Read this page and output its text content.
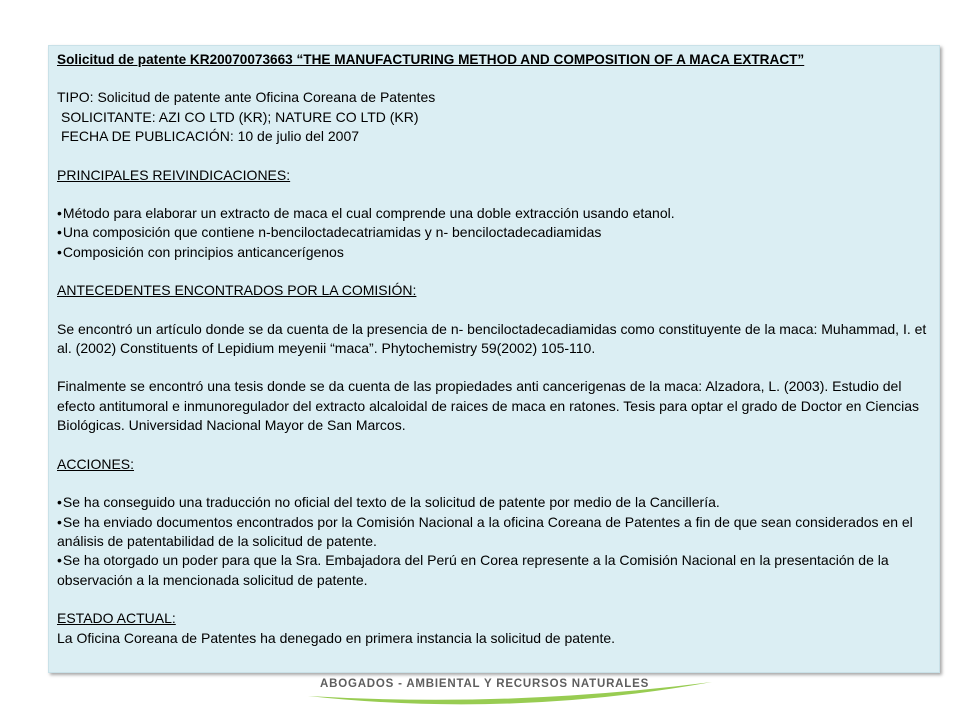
Solicitud de patente KR20070073663 “THE MANUFACTURING METHOD AND COMPOSITION OF A MACA EXTRACT”

TIPO: Solicitud de patente ante Oficina Coreana de Patentes

SOLICITANTE: AZI CO LTD (KR); NATURE CO LTD (KR)

FECHA DE PUBLICACIÓN: 10 de julio del 2007

PRINCIPALES REIVINDICACIONES:

•Método para elaborar un extracto de maca el cual comprende una doble extracción usando etanol.

•Una composición que contiene n-benciloctadecatriamidas y n- benciloctadecadiamidas

•Composición con principios anticancerígenos

ANTECEDENTES ENCONTRADOS POR LA COMISIÓN:

Se encontró un artículo donde se da cuenta de la presencia de n- benciloctadecadiamidas como constituyente de la maca: Muhammad, I. et al. (2002) Constituents of Lepidium meyenii “maca”. Phytochemistry 59(2002) 105-110.

Finalmente se encontró una tesis donde se da cuenta de las propiedades anti cancerigenas de la maca: Alzadora, L. (2003). Estudio del efecto antitumoral e inmunoregulador del extracto alcaloidal de raices de maca en ratones. Tesis para optar el grado de Doctor en Ciencias Biológicas. Universidad Nacional Mayor de San Marcos.

ACCIONES:

•Se ha conseguido una traducción no oficial del texto de la solicitud de patente por medio de la Cancillería.

•Se ha enviado documentos encontrados por la Comisión Nacional a la oficina Coreana de Patentes a fin de que sean considerados en el análisis de patentabilidad de la solicitud de patente.

•Se ha otorgado un poder para que la Sra. Embajadora del Perú en Corea represente a la Comisión Nacional en la presentación de la observación a la mencionada solicitud de patente.

ESTADO ACTUAL:

La Oficina Coreana de Patentes ha denegado en primera instancia la solicitud de patente.

ABOGADOS - AMBIENTAL Y RECURSOS NATURALES
